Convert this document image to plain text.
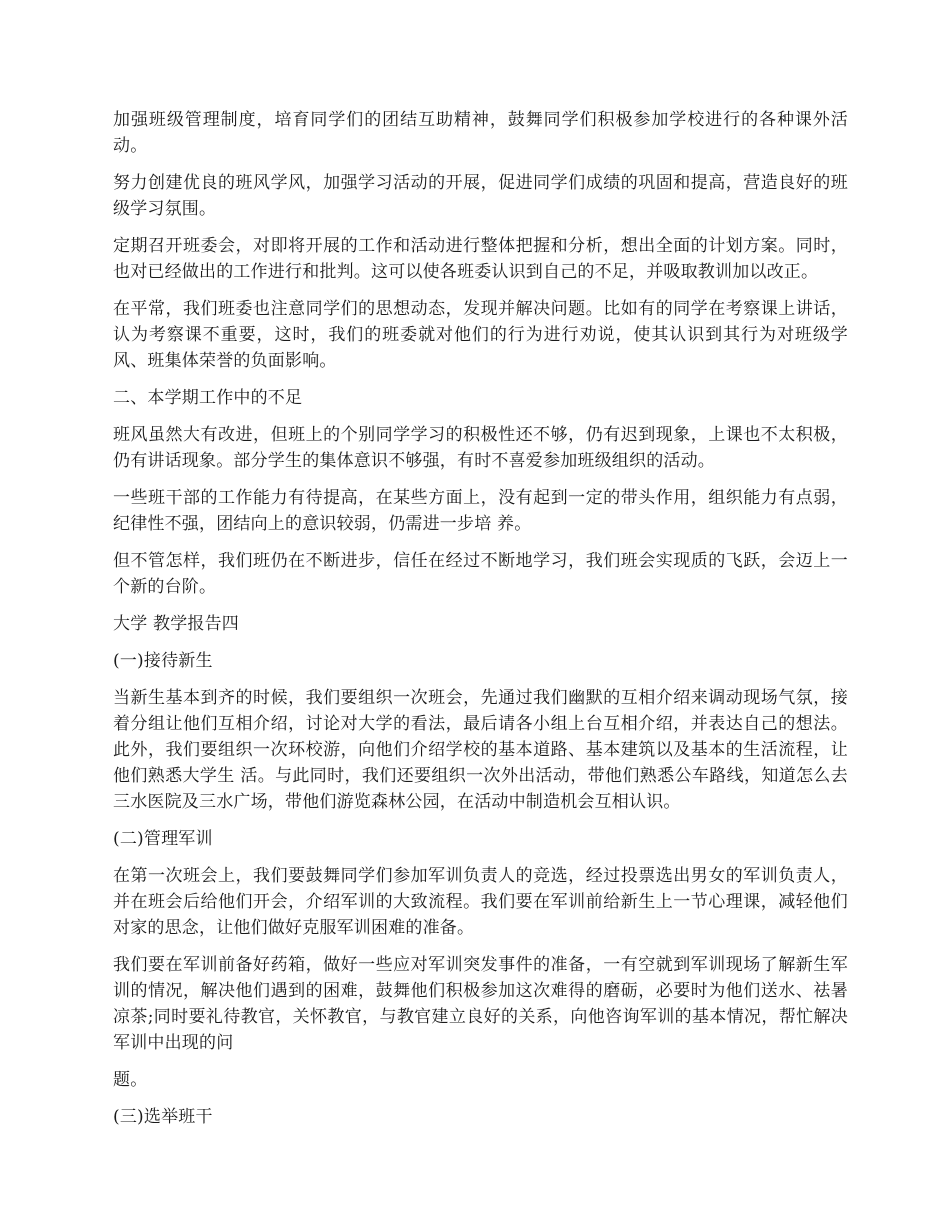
加强班级管理制度，培育同学们的团结互助精神，鼓舞同学们积极参加学校进行的各种课外活动。

努力创建优良的班风学风，加强学习活动的开展，促进同学们成绩的巩固和提高，营造良好的班级学习氛围。

定期召开班委会，对即将开展的工作和活动进行整体把握和分析，想出全面的计划方案。同时，也对已经做出的工作进行和批判。这可以使各班委认识到自己的不足，并吸取教训加以改正。

在平常，我们班委也注意同学们的思想动态，发现并解决问题。比如有的同学在考察课上讲话，认为考察课不重要，这时，我们的班委就对他们的行为进行劝说，使其认识到其行为对班级学风、班集体荣誉的负面影响。

二、本学期工作中的不足

班风虽然大有改进，但班上的个别同学学习的积极性还不够，仍有迟到现象，上课也不太积极，仍有讲话现象。部分学生的集体意识不够强，有时不喜爱参加班级组织的活动。

一些班干部的工作能力有待提高，在某些方面上，没有起到一定的带头作用，组织能力有点弱，纪律性不强，团结向上的意识较弱，仍需进一步培 养。

但不管怎样，我们班仍在不断进步，信任在经过不断地学习，我们班会实现质的飞跃，会迈上一个新的台阶。

大学 教学报告四

(一)接待新生

当新生基本到齐的时候，我们要组织一次班会，先通过我们幽默的互相介绍来调动现场气氛，接着分组让他们互相介绍，讨论对大学的看法，最后请各小组上台互相介绍，并表达自己的想法。此外，我们要组织一次环校游，向他们介绍学校的基本道路、基本建筑以及基本的生活流程，让他们熟悉大学生 活。与此同时，我们还要组织一次外出活动，带他们熟悉公车路线，知道怎么去三水医院及三水广场，带他们游览森林公园，在活动中制造机会互相认识。

(二)管理军训

在第一次班会上，我们要鼓舞同学们参加军训负责人的竞选，经过投票选出男女的军训负责人，并在班会后给他们开会，介绍军训的大致流程。我们要在军训前给新生上一节心理课，减轻他们对家的思念，让他们做好克服军训困难的准备。

我们要在军训前备好药箱，做好一些应对军训突发事件的准备，一有空就到军训现场了解新生军训的情况，解决他们遇到的困难，鼓舞他们积极参加这次难得的磨砺，必要时为他们送水、祛暑凉茶;同时要礼待教官，关怀教官，与教官建立良好的关系，向他咨询军训的基本情况，帮忙解决军训中出现的问

题。

(三)选举班干
